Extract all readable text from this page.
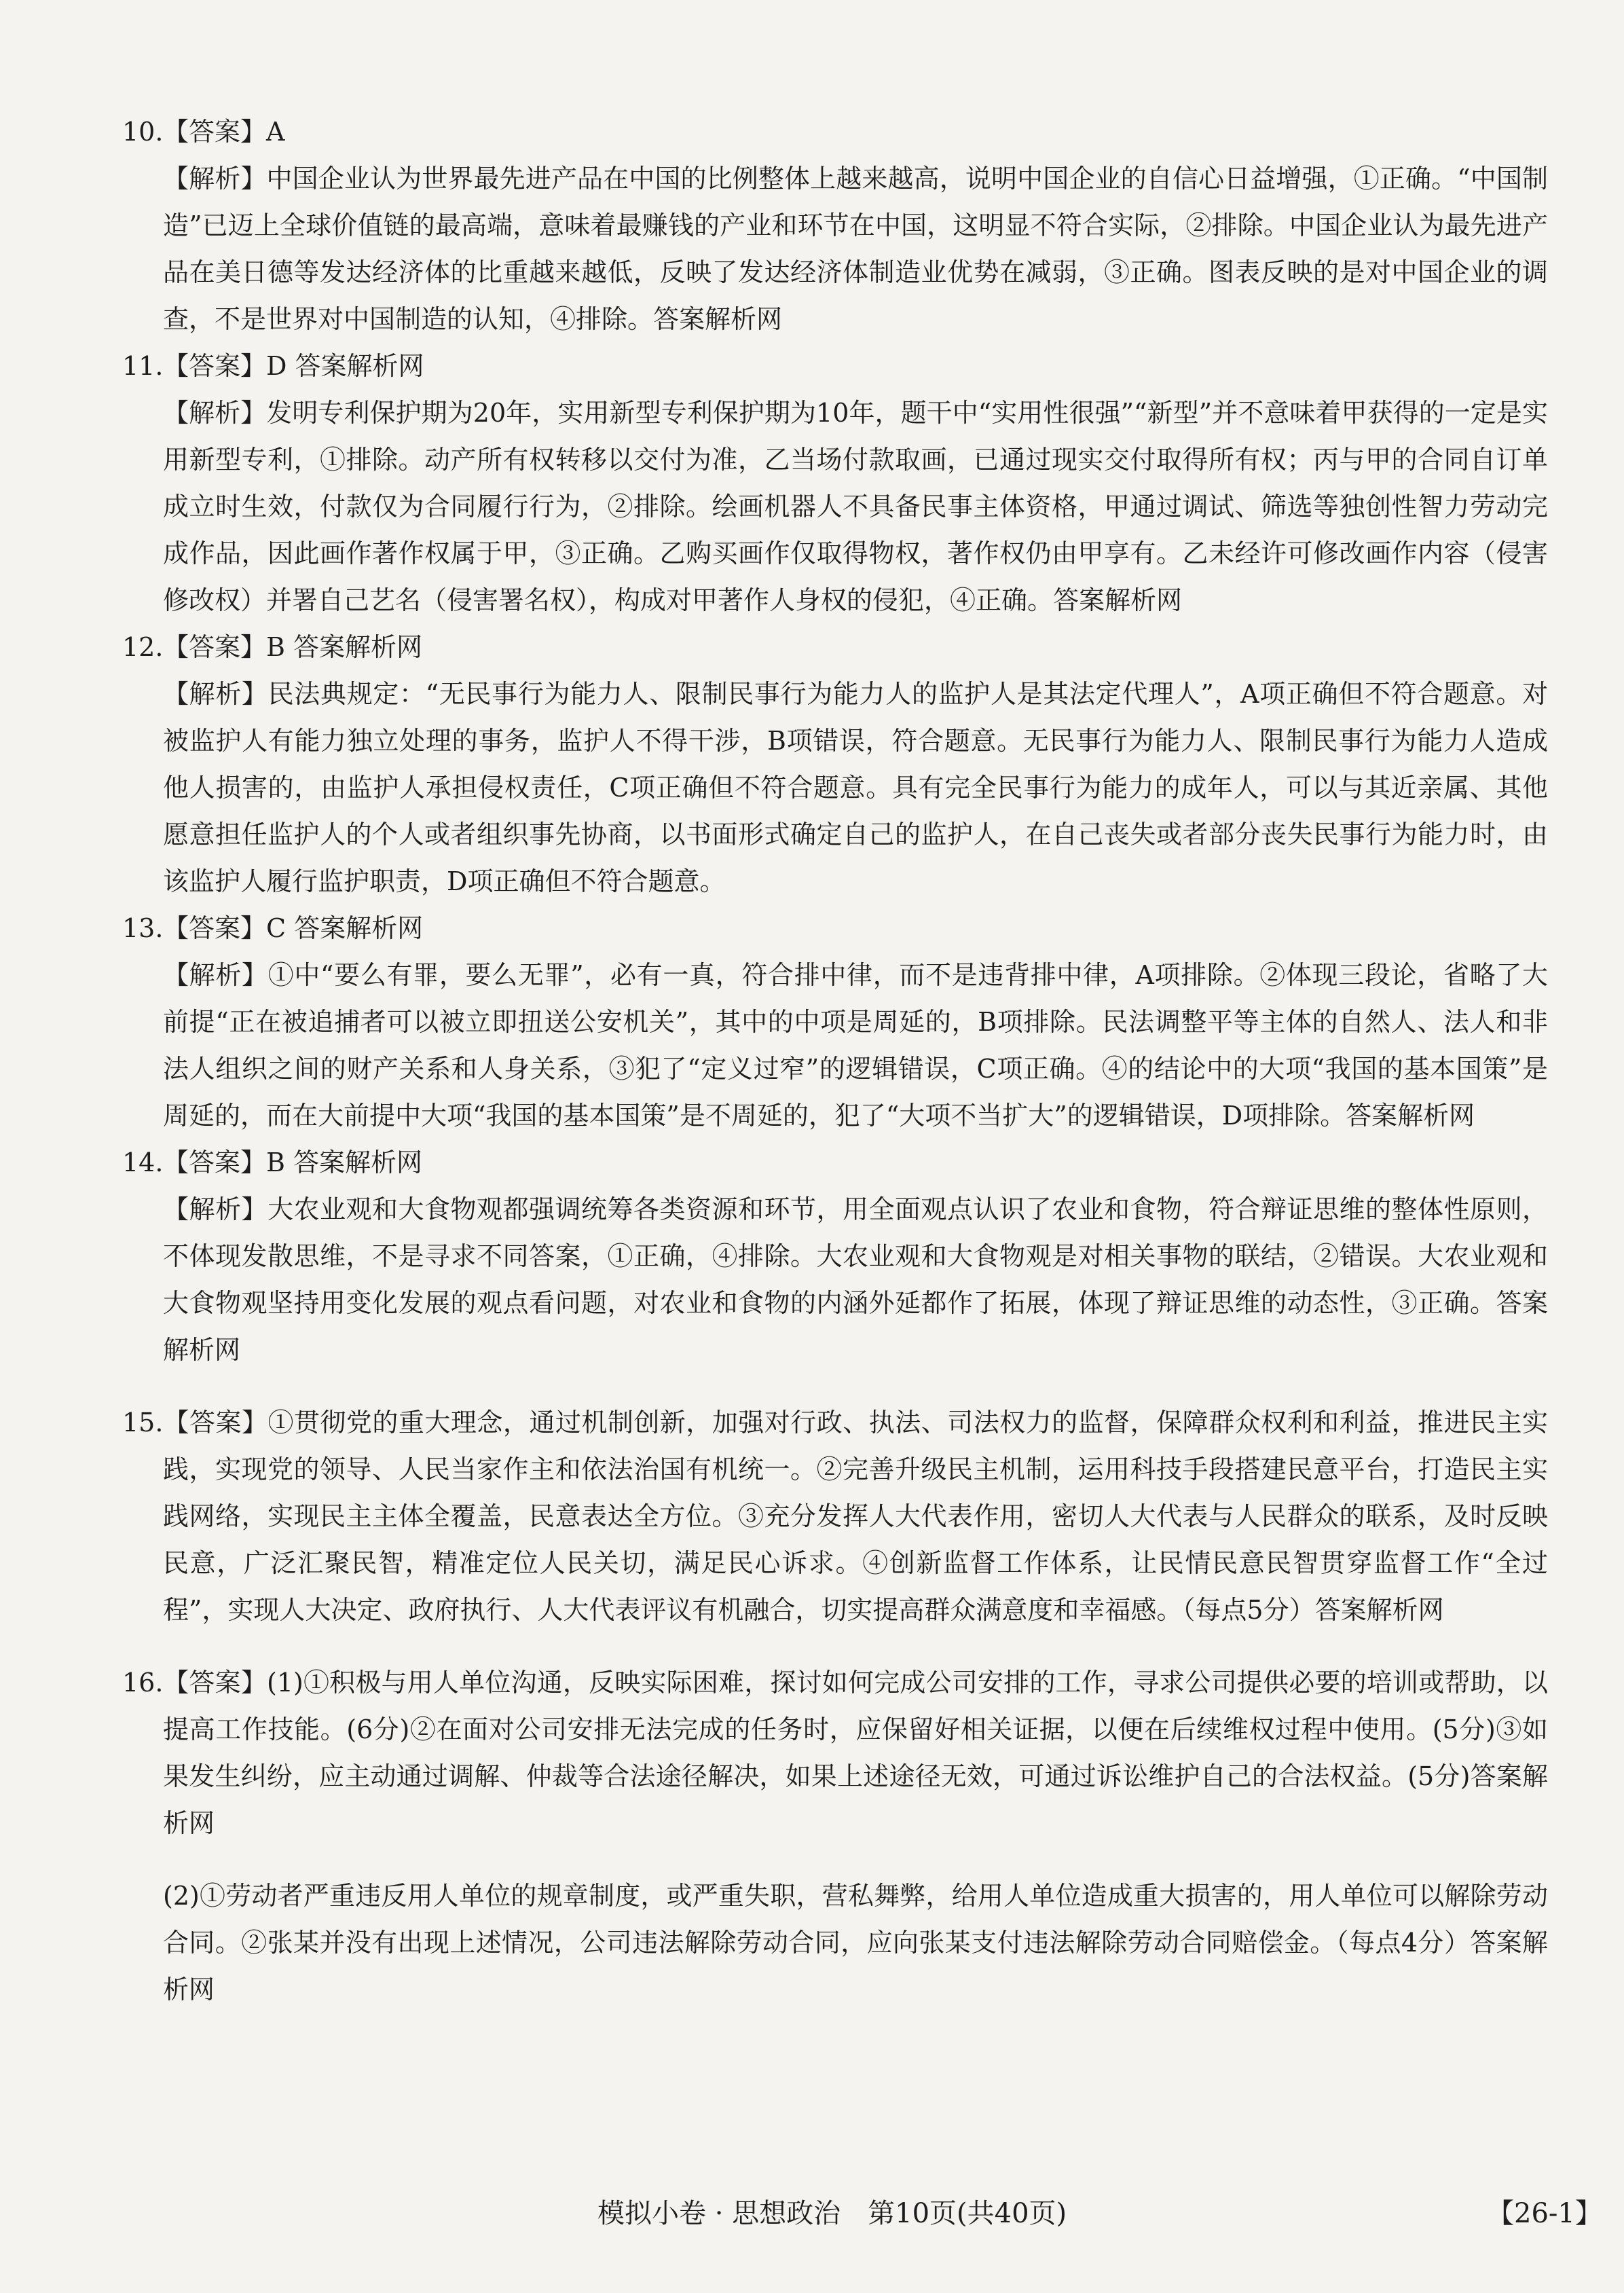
10.【答案】A

【解析】中国企业认为世界最先进产品在中国的比例整体上越来越高，说明中国企业的自信心日益增强，①正确。“中国制造”已迈上全球价值链的最高端，意味着最赚钱的产业和环节在中国，这明显不符合实际，②排除。中国企业认为最先进产品在美日德等发达经济体的比重越来越低，反映了发达经济体制造业优势在减弱，③正确。图表反映的是对中国企业的调查，不是世界对中国制造的认知，④排除。答案解析网

11.【答案】D 答案解析网

【解析】发明专利保护期为20年，实用新型专利保护期为10年，题干中“实用性很强”“新型”并不意味着甲获得的一定是实用新型专利，①排除。动产所有权转移以交付为准，乙当场付款取画，已通过现实交付取得所有权；丙与甲的合同自订单成立时生效，付款仅为合同履行行为，②排除。绘画机器人不具备民事主体资格，甲通过调试、筛选等独创性智力劳动完成作品，因此画作著作权属于甲，③正确。乙购买画作仅取得物权，著作权仍由甲享有。乙未经许可修改画作内容（侵害修改权）并署自己艺名（侵害署名权），构成对甲著作人身权的侵犯，④正确。答案解析网

12.【答案】B 答案解析网

【解析】民法典规定：“无民事行为能力人、限制民事行为能力人的监护人是其法定代理人”，A项正确但不符合题意。对被监护人有能力独立处理的事务，监护人不得干涉，B项错误，符合题意。无民事行为能力人、限制民事行为能力人造成他人损害的，由监护人承担侵权责任，C项正确但不符合题意。具有完全民事行为能力的成年人，可以与其近亲属、其他愿意担任监护人的个人或者组织事先协商，以书面形式确定自己的监护人，在自己丧失或者部分丧失民事行为能力时，由该监护人履行监护职责，D项正确但不符合题意。

13.【答案】C 答案解析网

【解析】①中“要么有罪，要么无罪”，必有一真，符合排中律，而不是违背排中律，A项排除。②体现三段论，省略了大前提“正在被追捕者可以被立即扭送公安机关”，其中的中项是周延的，B项排除。民法调整平等主体的自然人、法人和非法人组织之间的财产关系和人身关系，③犯了“定义过窄”的逻辑错误，C项正确。④的结论中的大项“我国的基本国策”是周延的，而在大前提中大项“我国的基本国策”是不周延的，犯了“大项不当扩大”的逻辑错误，D项排除。答案解析网

14.【答案】B 答案解析网

【解析】大农业观和大食物观都强调统筹各类资源和环节，用全面观点认识了农业和食物，符合辩证思维的整体性原则，不体现发散思维，不是寻求不同答案，①正确，④排除。大农业观和大食物观是对相关事物的联结，②错误。大农业观和大食物观坚持用变化发展的观点看问题，对农业和食物的内涵外延都作了拓展，体现了辩证思维的动态性，③正确。答案解析网

15.【答案】①贯彻党的重大理念，通过机制创新，加强对行政、执法、司法权力的监督，保障群众权利和利益，推进民主实践，实现党的领导、人民当家作主和依法治国有机统一。②完善升级民主机制，运用科技手段搭建民意平台，打造民主实践网络，实现民主主体全覆盖，民意表达全方位。③充分发挥人大代表作用，密切人大代表与人民群众的联系，及时反映民意，广泛汇聚民智，精准定位人民关切，满足民心诉求。④创新监督工作体系，让民情民意民智贯穿监督工作“全过程”，实现人大决定、政府执行、人大代表评议有机融合，切实提高群众满意度和幸福感。（每点5分）答案解析网

16.【答案】(1)①积极与用人单位沟通，反映实际困难，探讨如何完成公司安排的工作，寻求公司提供必要的培训或帮助，以提高工作技能。(6分)②在面对公司安排无法完成的任务时，应保留好相关证据，以便在后续维权过程中使用。(5分)③如果发生纠纷，应主动通过调解、仲裁等合法途径解决，如果上述途径无效，可通过诉讼维护自己的合法权益。(5分)答案解析网

(2)①劳动者严重违反用人单位的规章制度，或严重失职，营私舞弊，给用人单位造成重大损害的，用人单位可以解除劳动合同。②张某并没有出现上述情况，公司违法解除劳动合同，应向张某支付违法解除劳动合同赔偿金。（每点4分）答案解析网

模拟小卷 · 思想政治　第10页(共40页)	【26-1】
